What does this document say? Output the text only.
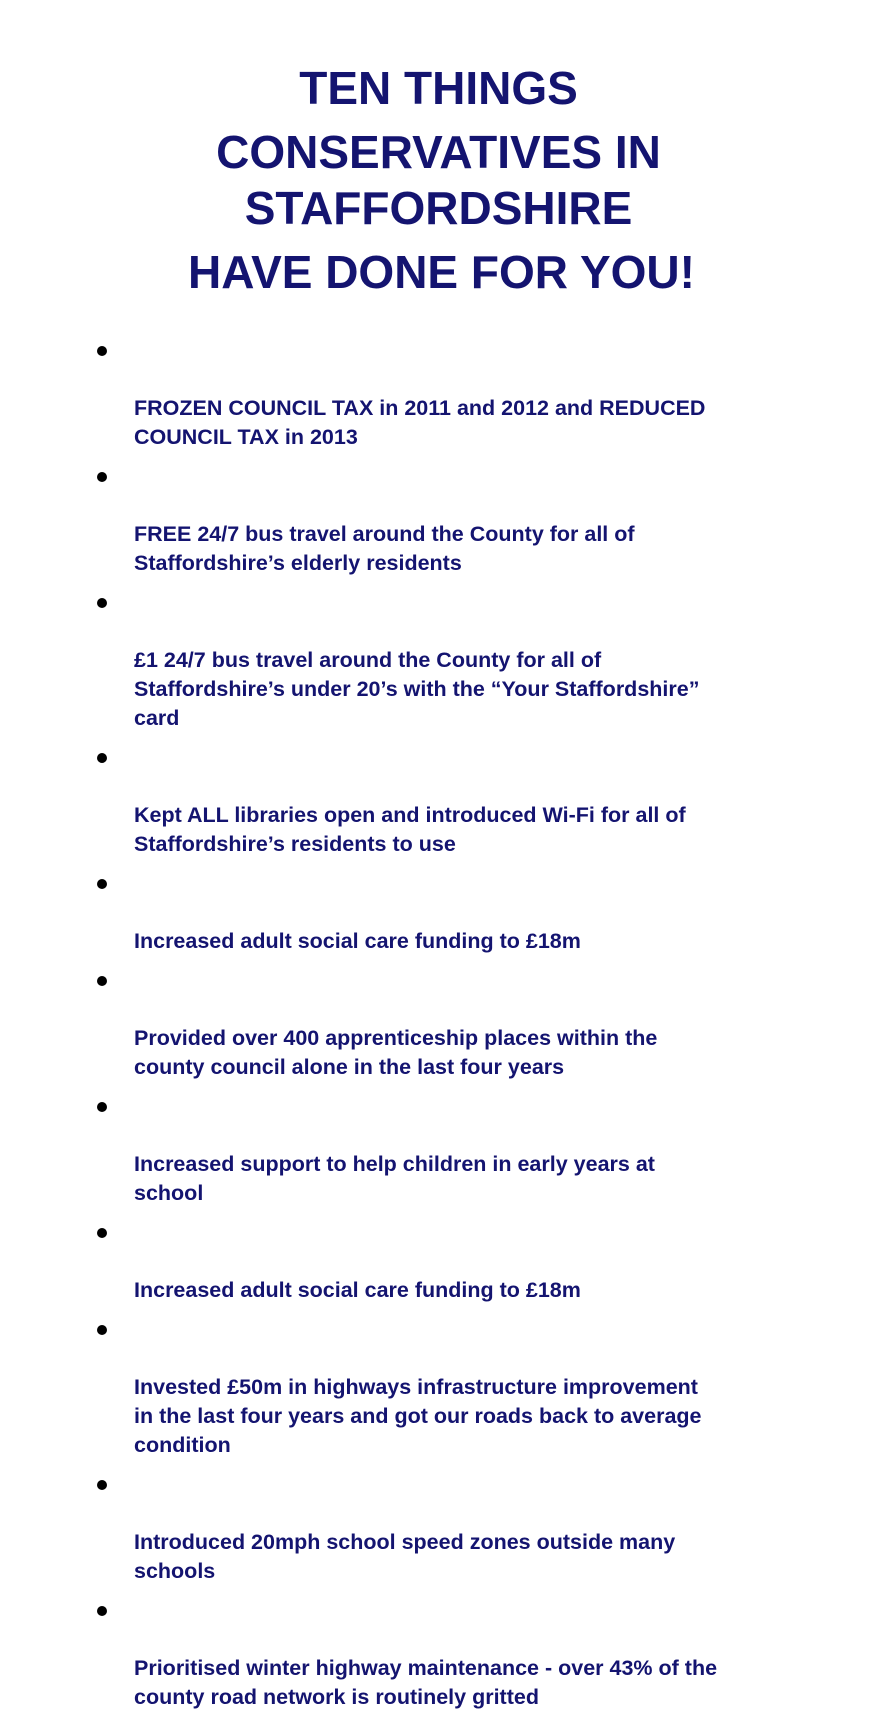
TEN THINGS
CONSERVATIVES IN
STAFFORDSHIRE
HAVE DONE FOR YOU!

FROZEN COUNCIL TAX in 2011 and 2012 and REDUCED
COUNCIL TAX in 2013

FREE 24/7 bus travel around the County for all of
Staffordshire’s elderly residents

£1 24/7 bus travel around the County for all of
Staffordshire’s under 20’s with the “Your Staffordshire”
card

Kept ALL libraries open and introduced Wi-Fi for all of
Staffordshire’s residents to use

Increased adult social care funding to £18m

Provided over 400 apprenticeship places within the
county council alone in the last four years

Increased support to help children in early years at
school

Increased adult social care funding to £18m

Invested £50m in highways infrastructure improvement
in the last four years and got our roads back to average
condition

Introduced 20mph school speed zones outside many
schools

Prioritised winter highway maintenance - over 43% of the
county road network is routinely gritted
